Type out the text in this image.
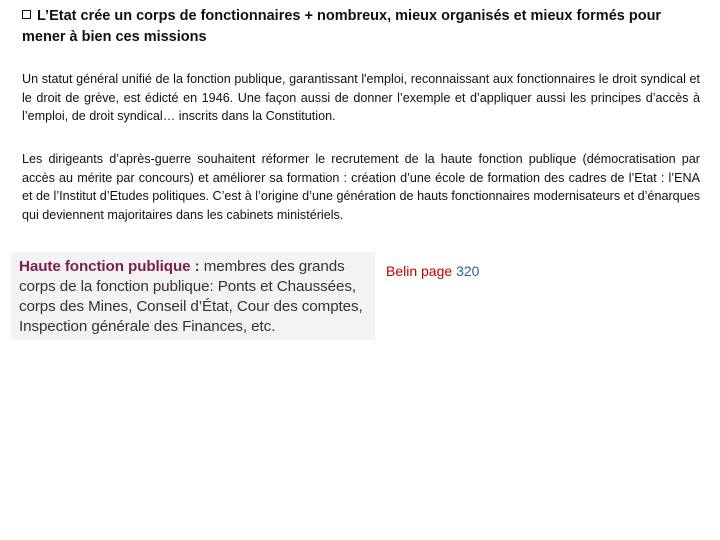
L’Etat crée un corps de fonctionnaires + nombreux, mieux organisés et mieux formés pour mener à bien ces missions

Un statut général unifié de la fonction publique, garantissant l'emploi, reconnaissant aux fonctionnaires le droit syndical et le droit de grève, est édicté en 1946. Une façon aussi de donner l’exemple et d’appliquer aussi les principes d’accès à l’emploi, de droit syndical… inscrits dans la Constitution.

Les dirigeants d’après-guerre souhaitent réformer le recrutement de la haute fonction publique (démocratisation par accès au mérite par concours) et améliorer sa formation : création d’une école de formation des cadres de l’Etat : l’ENA et de l’Institut d’Etudes politiques. C’est à l’origine d’une génération de hauts fonctionnaires modernisateurs et d’énarques qui deviennent majoritaires dans les cabinets ministériels.

Haute fonction publique : membres des grands corps de la fonction publique: Ponts et Chaussées, corps des Mines, Conseil d’État, Cour des comptes, Inspection générale des Finances, etc.
Belin page 320
